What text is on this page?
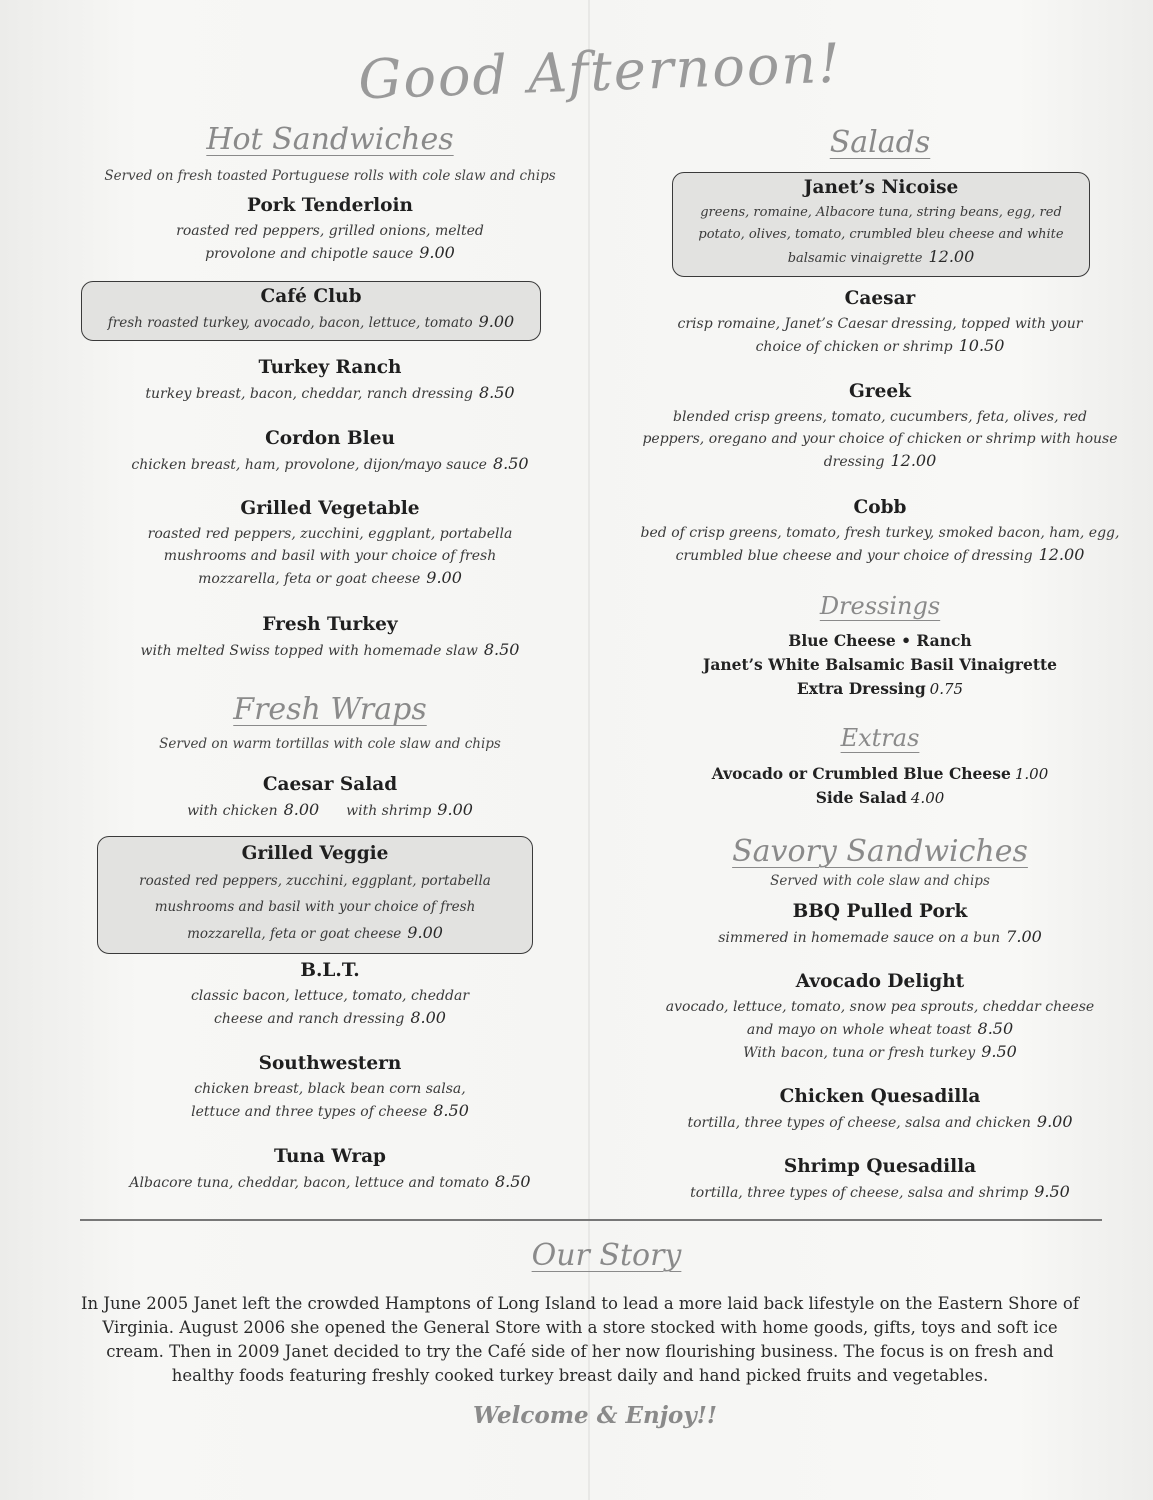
Good Afternoon!
Hot Sandwiches
Served on fresh toasted Portuguese rolls with cole slaw and chips
Pork Tenderloin
roasted red peppers, grilled onions, melted provolone and chipotle sauce 9.00
Café Club
fresh roasted turkey, avocado, bacon, lettuce, tomato 9.00
Turkey Ranch
turkey breast, bacon, cheddar, ranch dressing 8.50
Cordon Bleu
chicken breast, ham, provolone, dijon/mayo sauce 8.50
Grilled Vegetable
roasted red peppers, zucchini, eggplant, portabella mushrooms and basil with your choice of fresh mozzarella, feta or goat cheese 9.00
Fresh Turkey
with melted Swiss topped with homemade slaw 8.50
Fresh Wraps
Served on warm tortillas with cole slaw and chips
Caesar Salad
with chicken 8.00 with shrimp 9.00
Grilled Veggie
roasted red peppers, zucchini, eggplant, portabella mushrooms and basil with your choice of fresh mozzarella, feta or goat cheese 9.00
B.L.T.
classic bacon, lettuce, tomato, cheddar cheese and ranch dressing 8.00
Southwestern
chicken breast, black bean corn salsa, lettuce and three types of cheese 8.50
Tuna Wrap
Albacore tuna, cheddar, bacon, lettuce and tomato 8.50
Salads
Janet’s Nicoise
greens, romaine, Albacore tuna, string beans, egg, red potato, olives, tomato, crumbled bleu cheese and white balsamic vinaigrette 12.00
Caesar
crisp romaine, Janet’s Caesar dressing, topped with your choice of chicken or shrimp 10.50
Greek
blended crisp greens, tomato, cucumbers, feta, olives, red peppers, oregano and your choice of chicken or shrimp with house dressing 12.00
Cobb
bed of crisp greens, tomato, fresh turkey, smoked bacon, ham, egg, crumbled blue cheese and your choice of dressing 12.00
Dressings
Blue Cheese • Ranch
Janet’s White Balsamic Basil Vinaigrette
Extra Dressing 0.75
Extras
Avocado or Crumbled Blue Cheese 1.00
Side Salad 4.00
Savory Sandwiches
Served with cole slaw and chips
BBQ Pulled Pork
simmered in homemade sauce on a bun 7.00
Avocado Delight
avocado, lettuce, tomato, snow pea sprouts, cheddar cheese and mayo on whole wheat toast 8.50
With bacon, tuna or fresh turkey 9.50
Chicken Quesadilla
tortilla, three types of cheese, salsa and chicken 9.00
Shrimp Quesadilla
tortilla, three types of cheese, salsa and shrimp 9.50
Our Story
In June 2005 Janet left the crowded Hamptons of Long Island to lead a more laid back lifestyle on the Eastern Shore of Virginia. August 2006 she opened the General Store with a store stocked with home goods, gifts, toys and soft ice cream. Then in 2009 Janet decided to try the Café side of her now flourishing business. The focus is on fresh and healthy foods featuring freshly cooked turkey breast daily and hand picked fruits and vegetables.
Welcome & Enjoy!!
